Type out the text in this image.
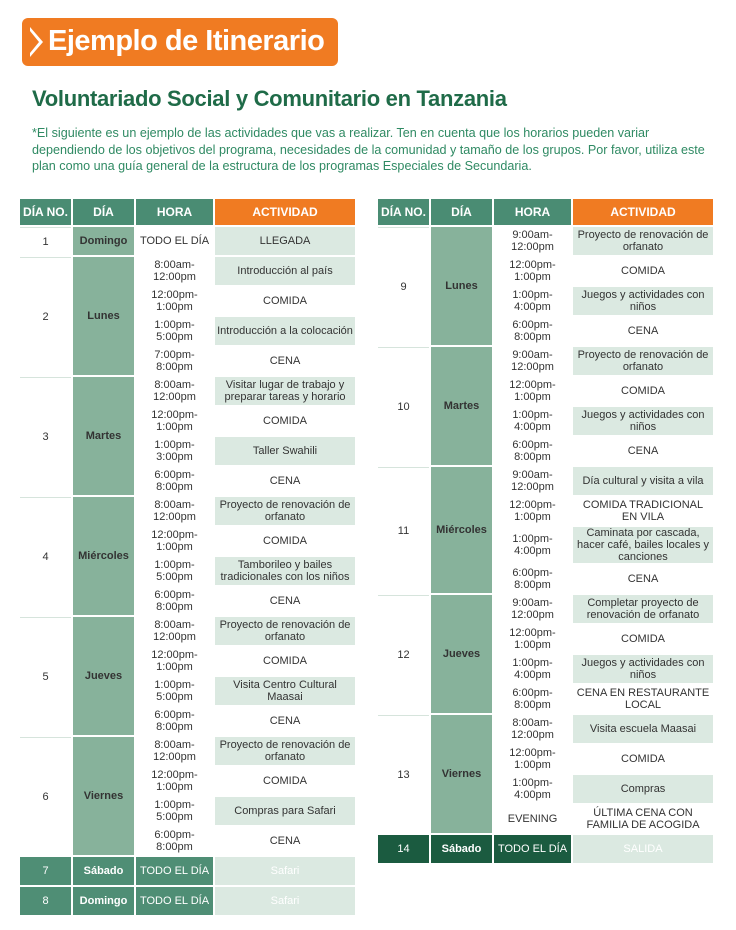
Ejemplo de Itinerario
Voluntariado Social y Comunitario en Tanzania
*El siguiente es un ejemplo de las actividades que vas a realizar. Ten en cuenta que los horarios pueden variar dependiendo de los objetivos del programa, necesidades de la comunidad y tamaño de los grupos. Por favor, utiliza este plan como una guía general de la estructura de los programas Especiales de Secundaria.
DÍA NO.	DÍA	HORA	ACTIVIDAD
1	Domingo	TODO EL DÍA	LLEGADA
2	Lunes	8:00am-12:00pm	Introducción al país
		12:00pm-1:00pm	COMIDA
		1:00pm-5:00pm	Introducción a la colocación
		7:00pm-8:00pm	CENA
3	Martes	8:00am-12:00pm	Visitar lugar de trabajo y preparar tareas y horario
		12:00pm-1:00pm	COMIDA
		1:00pm-3:00pm	Taller Swahili
		6:00pm-8:00pm	CENA
4	Miércoles	8:00am-12:00pm	Proyecto de renovación de orfanato
		12:00pm-1:00pm	COMIDA
		1:00pm-5:00pm	Tamborileo y bailes tradicionales con los niños
		6:00pm-8:00pm	CENA
5	Jueves	8:00am-12:00pm	Proyecto de renovación de orfanato
		12:00pm-1:00pm	COMIDA
		1:00pm-5:00pm	Visita Centro Cultural Maasai
		6:00pm-8:00pm	CENA
6	Viernes	8:00am-12:00pm	Proyecto de renovación de orfanato
		12:00pm-1:00pm	COMIDA
		1:00pm-5:00pm	Compras para Safari
		6:00pm-8:00pm	CENA
7	Sábado	TODO EL DÍA	Safari
8	Domingo	TODO EL DÍA	Safari
DÍA NO.	DÍA	HORA	ACTIVIDAD
9	Lunes	9:00am-12:00pm	Proyecto de renovación de orfanato
		12:00pm-1:00pm	COMIDA
		1:00pm-4:00pm	Juegos y actividades con niños
		6:00pm-8:00pm	CENA
10	Martes	9:00am-12:00pm	Proyecto de renovación de orfanato
		12:00pm-1:00pm	COMIDA
		1:00pm-4:00pm	Juegos y actividades con niños
		6:00pm-8:00pm	CENA
11	Miércoles	9:00am-12:00pm	Día cultural y visita a vila
		12:00pm-1:00pm	COMIDA TRADICIONAL EN VILA
		1:00pm-4:00pm	Caminata por cascada, hacer café, bailes locales y canciones
		6:00pm-8:00pm	CENA
12	Jueves	9:00am-12:00pm	Completar proyecto de renovación de orfanato
		12:00pm-1:00pm	COMIDA
		1:00pm-4:00pm	Juegos y actividades con niños
		6:00pm-8:00pm	CENA EN RESTAURANTE LOCAL
13	Viernes	8:00am-12:00pm	Visita escuela Maasai
		12:00pm-1:00pm	COMIDA
		1:00pm-4:00pm	Compras
		EVENING	ÚLTIMA CENA CON FAMILIA DE ACOGIDA
14	Sábado	TODO EL DÍA	SALIDA
